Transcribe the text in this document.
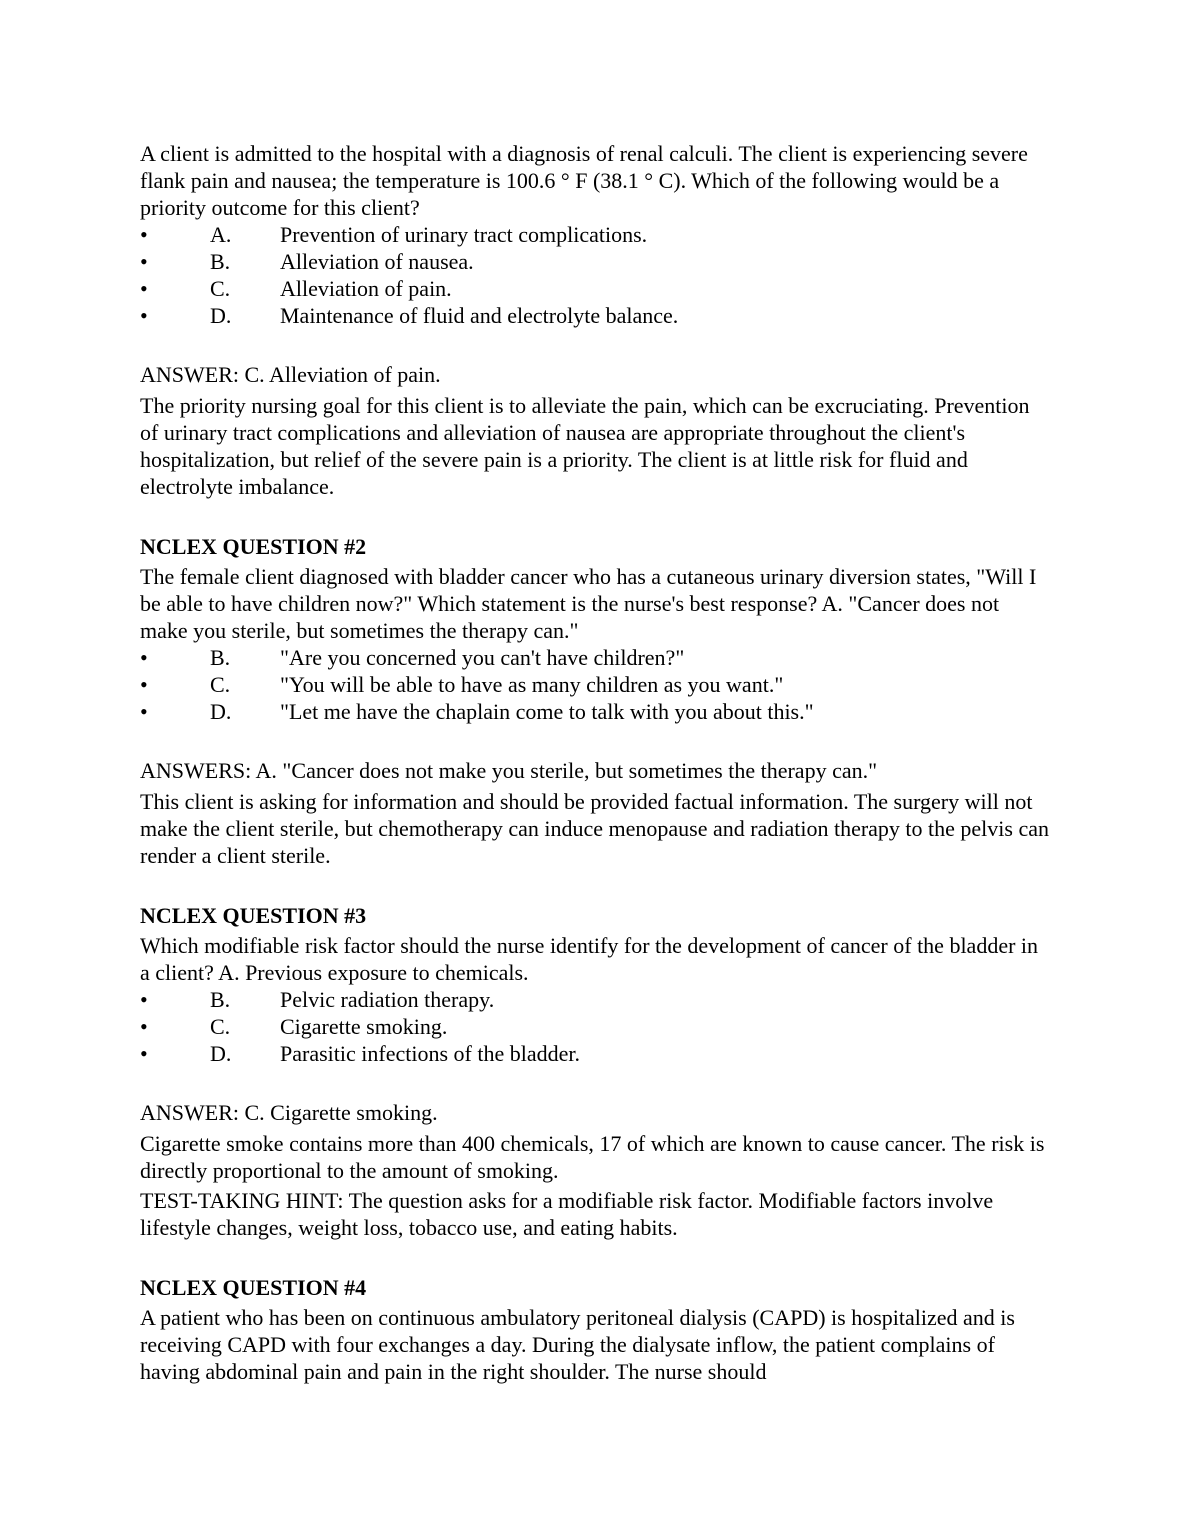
A client is admitted to the hospital with a diagnosis of renal calculi. The client is experiencing severe flank pain and nausea; the temperature is 100.6 ° F (38.1 ° C). Which of the following would be a priority outcome for this client?

•	A.	Prevention of urinary tract complications.
•	B.	Alleviation of nausea.
•	C.	Alleviation of pain.
•	D.	Maintenance of fluid and electrolyte balance.

ANSWER: C. Alleviation of pain.

The priority nursing goal for this client is to alleviate the pain, which can be excruciating. Prevention of urinary tract complications and alleviation of nausea are appropriate throughout the client's hospitalization, but relief of the severe pain is a priority. The client is at little risk for fluid and electrolyte imbalance.

NCLEX QUESTION #2

The female client diagnosed with bladder cancer who has a cutaneous urinary diversion states, "Will I be able to have children now?" Which statement is the nurse's best response? A. "Cancer does not make you sterile, but sometimes the therapy can."

•	B.	"Are you concerned you can't have children?"
•	C.	"You will be able to have as many children as you want."
•	D.	"Let me have the chaplain come to talk with you about this."

ANSWERS: A. "Cancer does not make you sterile, but sometimes the therapy can."

This client is asking for information and should be provided factual information. The surgery will not make the client sterile, but chemotherapy can induce menopause and radiation therapy to the pelvis can render a client sterile.

NCLEX QUESTION #3

Which modifiable risk factor should the nurse identify for the development of cancer of the bladder in a client? A. Previous exposure to chemicals.

•	B.	Pelvic radiation therapy.
•	C.	Cigarette smoking.
•	D.	Parasitic infections of the bladder.

ANSWER: C. Cigarette smoking.

Cigarette smoke contains more than 400 chemicals, 17 of which are known to cause cancer. The risk is directly proportional to the amount of smoking.

TEST-TAKING HINT: The question asks for a modifiable risk factor. Modifiable factors involve lifestyle changes, weight loss, tobacco use, and eating habits.

NCLEX QUESTION #4

A patient who has been on continuous ambulatory peritoneal dialysis (CAPD) is hospitalized and is receiving CAPD with four exchanges a day. During the dialysate inflow, the patient complains of having abdominal pain and pain in the right shoulder. The nurse should
